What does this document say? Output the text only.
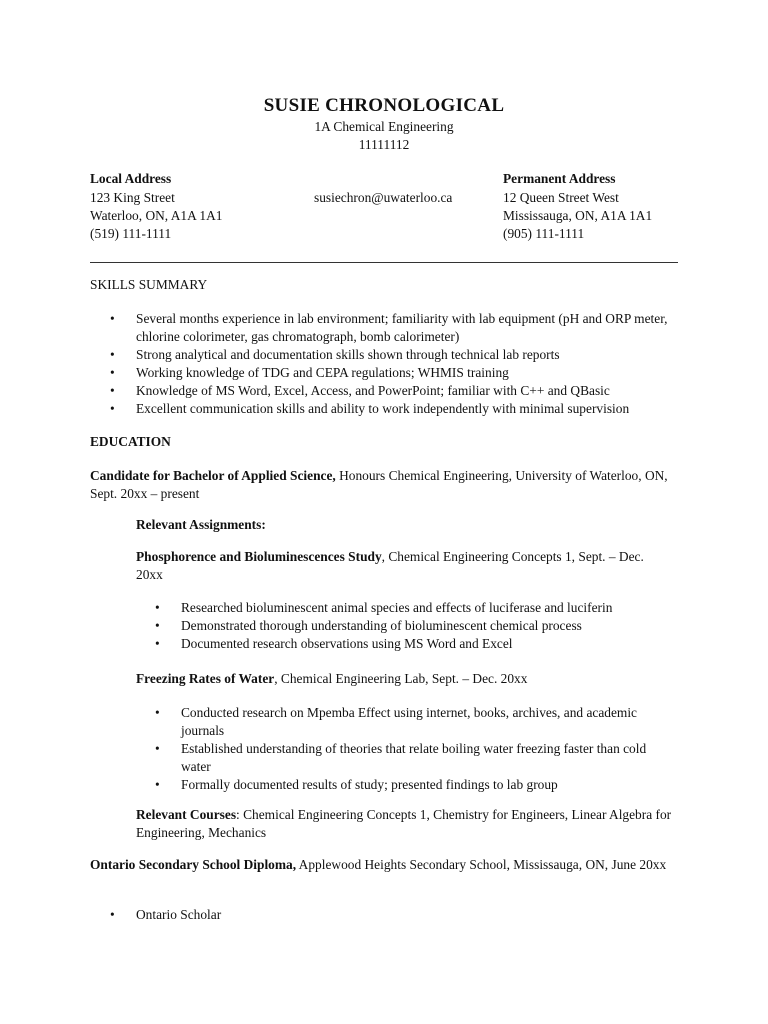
SUSIE CHRONOLOGICAL
1A Chemical Engineering
11111112
Local Address
123 King Street
Waterloo, ON, A1A 1A1
(519) 111-1111
susiechron@uwaterloo.ca
Permanent Address
12 Queen Street West
Mississauga, ON, A1A 1A1
(905) 111-1111
SKILLS SUMMARY
• Several months experience in lab environment; familiarity with lab equipment (pH and ORP meter, chlorine colorimeter, gas chromatograph, bomb calorimeter)
• Strong analytical and documentation skills shown through technical lab reports
• Working knowledge of TDG and CEPA regulations; WHMIS training
• Knowledge of MS Word, Excel, Access, and PowerPoint; familiar with C++ and QBasic
• Excellent communication skills and ability to work independently with minimal supervision
EDUCATION
Candidate for Bachelor of Applied Science, Honours Chemical Engineering, University of Waterloo, ON, Sept. 20xx – present
Relevant Assignments:
Phosphorence and Bioluminescences Study, Chemical Engineering Concepts 1, Sept. – Dec. 20xx
• Researched bioluminescent animal species and effects of luciferase and luciferin
• Demonstrated thorough understanding of bioluminescent chemical process
• Documented research observations using MS Word and Excel
Freezing Rates of Water, Chemical Engineering Lab, Sept. – Dec. 20xx
• Conducted research on Mpemba Effect using internet, books, archives, and academic journals
• Established understanding of theories that relate boiling water freezing faster than cold water
• Formally documented results of study; presented findings to lab group
Relevant Courses: Chemical Engineering Concepts 1, Chemistry for Engineers, Linear Algebra for Engineering, Mechanics
Ontario Secondary School Diploma, Applewood Heights Secondary School, Mississauga, ON, June 20xx
• Ontario Scholar
